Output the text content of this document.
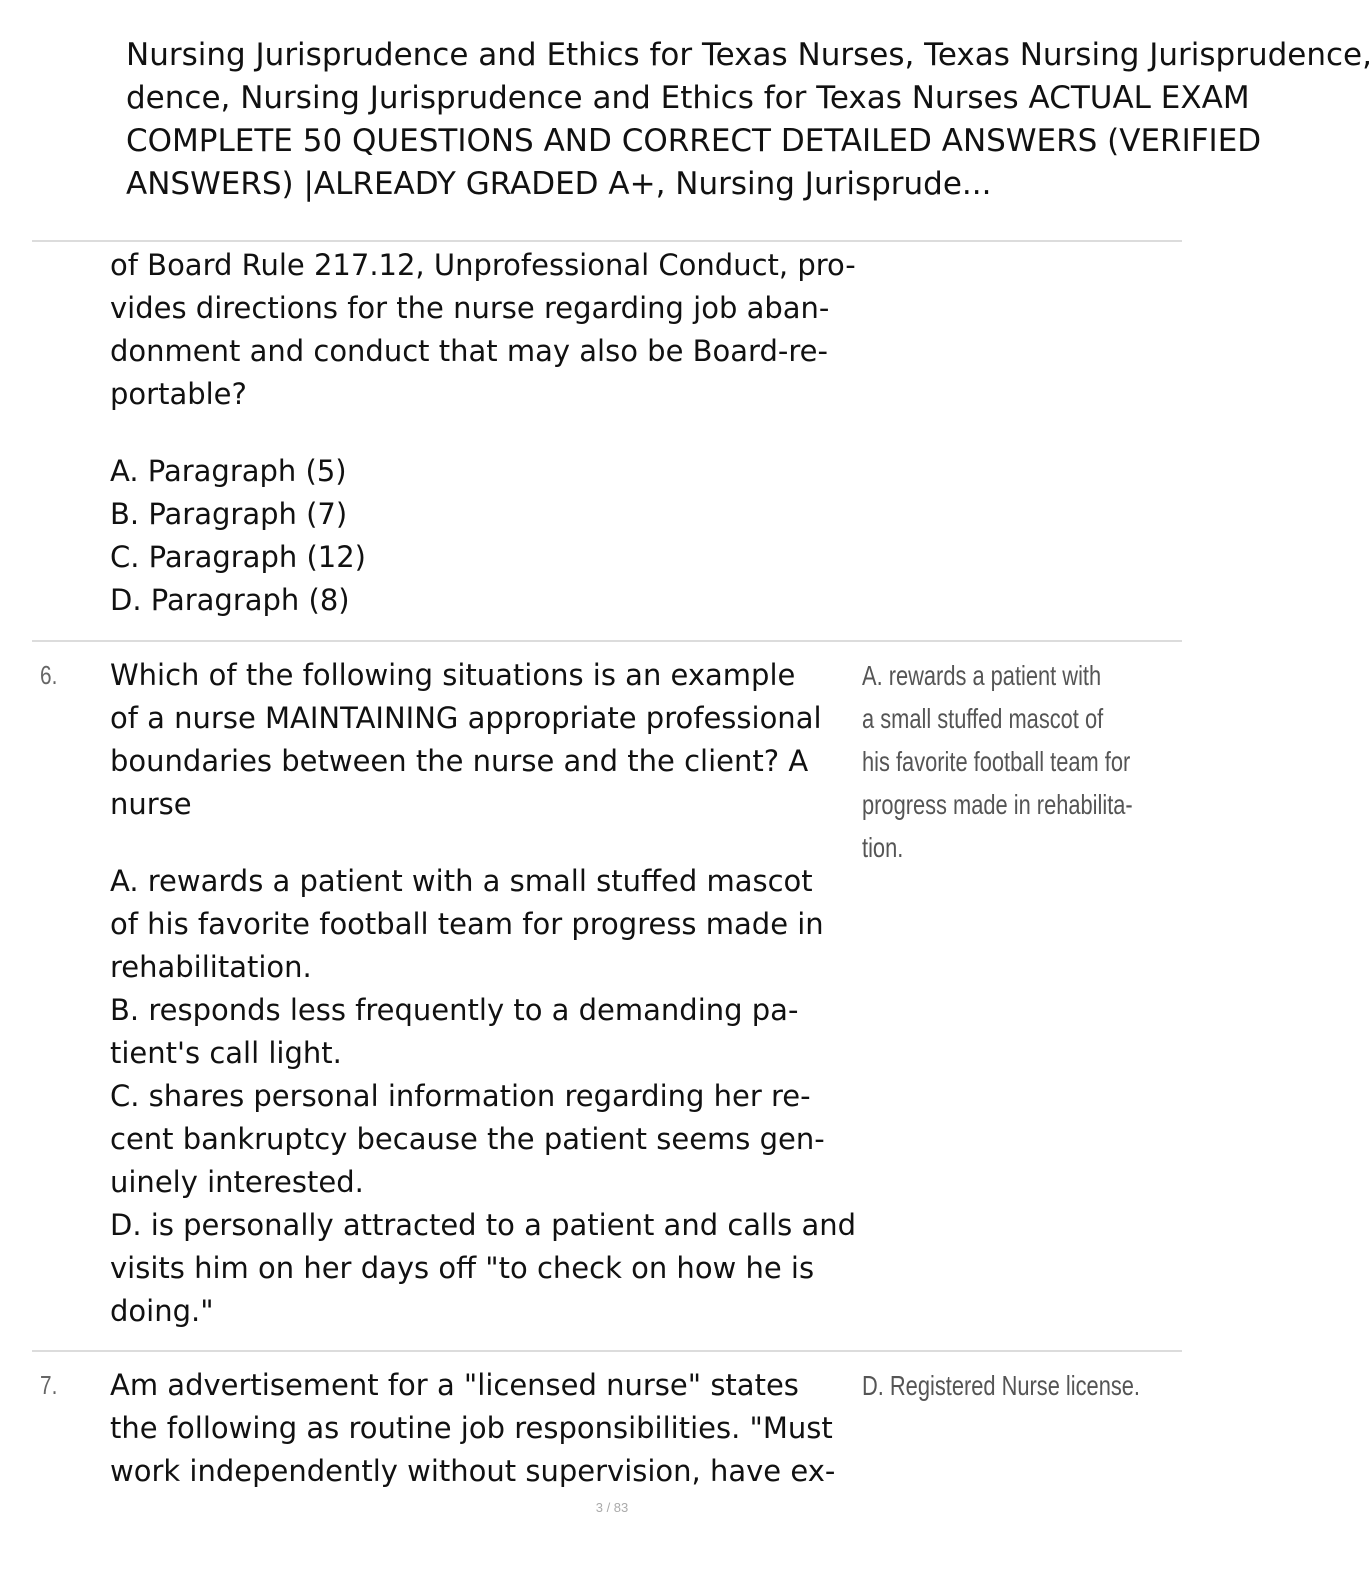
Nursing Jurisprudence and Ethics for Texas Nurses, Texas Nursing Jurisprudence,
dence, Nursing Jurisprudence and Ethics for Texas Nurses ACTUAL EXAM
COMPLETE 50 QUESTIONS AND CORRECT DETAILED ANSWERS (VERIFIED
ANSWERS) |ALREADY GRADED A+, Nursing Jurisprude...
of Board Rule 217.12, Unprofessional Conduct, pro-
vides directions for the nurse regarding job aban-
donment and conduct that may also be Board-re-
portable?
A. Paragraph (5)
B. Paragraph (7)
C. Paragraph (12)
D. Paragraph (8)
6. Which of the following situations is an example
of a nurse MAINTAINING appropriate professional
boundaries between the nurse and the client? A
nurse
A. rewards a patient with
a small stuffed mascot of
his favorite football team for
progress made in rehabilita-
tion.
A. rewards a patient with a small stuffed mascot
of his favorite football team for progress made in
rehabilitation.
B. responds less frequently to a demanding pa-
tient's call light.
C. shares personal information regarding her re-
cent bankruptcy because the patient seems gen-
uinely interested.
D. is personally attracted to a patient and calls and
visits him on her days off "to check on how he is
doing."
7. Am advertisement for a "licensed nurse" states
the following as routine job responsibilities. "Must
work independently without supervision, have ex-
D. Registered Nurse license.
3 / 83
